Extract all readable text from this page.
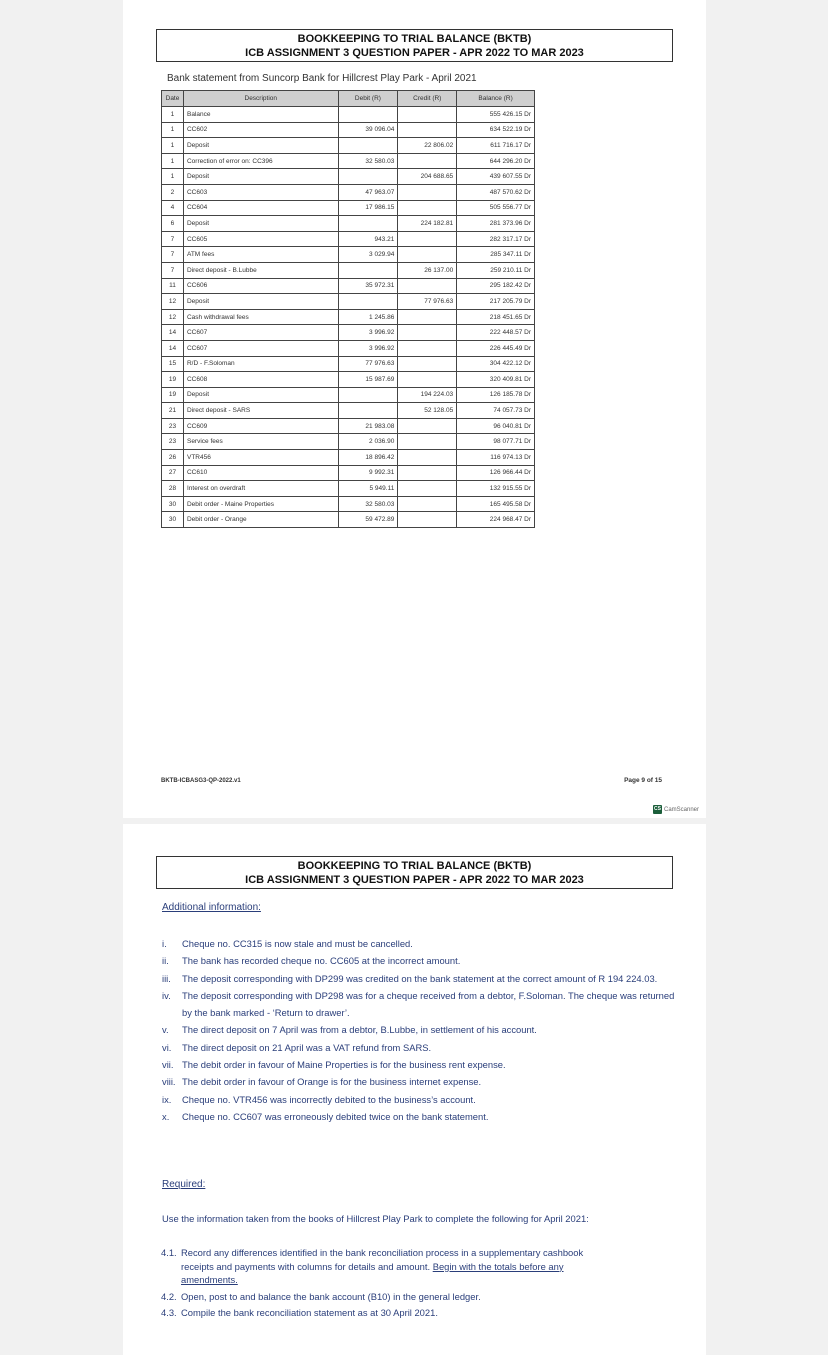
BOOKKEEPING TO TRIAL BALANCE (BKTB)
ICB ASSIGNMENT 3 QUESTION PAPER - APR 2022 TO MAR 2023
Bank statement from Suncorp Bank for Hillcrest Play Park - April 2021
Date	Description	Debit (R)	Credit (R)	Balance (R)
1	Balance			555 426.15 Dr
1	CC602	39 096.04		634 522.19 Dr
1	Deposit		22 806.02	611 716.17 Dr
1	Correction of error on: CC396	32 580.03		644 296.20 Dr
1	Deposit		204 688.65	439 607.55 Dr
2	CC603	47 963.07		487 570.62 Dr
4	CC604	17 986.15		505 556.77 Dr
6	Deposit		224 182.81	281 373.96 Dr
7	CC605	943.21		282 317.17 Dr
7	ATM fees	3 029.94		285 347.11 Dr
7	Direct deposit - B.Lubbe		26 137.00	259 210.11 Dr
11	CC606	35 972.31		295 182.42 Dr
12	Deposit		77 976.63	217 205.79 Dr
12	Cash withdrawal fees	1 245.86		218 451.65 Dr
14	CC607	3 996.92		222 448.57 Dr
14	CC607	3 996.92		226 445.49 Dr
15	R/D - F.Soloman	77 976.63		304 422.12 Dr
19	CC608	15 987.69		320 409.81 Dr
19	Deposit		194 224.03	126 185.78 Dr
21	Direct deposit - SARS		52 128.05	74 057.73 Dr
23	CC609	21 983.08		96 040.81 Dr
23	Service fees	2 036.90		98 077.71 Dr
26	VTR456	18 896.42		116 974.13 Dr
27	CC610	9 992.31		126 966.44 Dr
28	Interest on overdraft	5 949.11		132 915.55 Dr
30	Debit order - Maine Properties	32 580.03		165 495.58 Dr
30	Debit order - Orange	59 472.89		224 968.47 Dr
BKTB-ICBASG3-QP-2022.v1	Page 9 of 15
CS CamScanner
BOOKKEEPING TO TRIAL BALANCE (BKTB)
ICB ASSIGNMENT 3 QUESTION PAPER - APR 2022 TO MAR 2023
Additional information:
i. Cheque no. CC315 is now stale and must be cancelled.
ii. The bank has recorded cheque no. CC605 at the incorrect amount.
iii. The deposit corresponding with DP299 was credited on the bank statement at the correct amount of R 194 224.03.
iv. The deposit corresponding with DP298 was for a cheque received from a debtor, F.Soloman. The cheque was returned by the bank marked - ‘Return to drawer’.
v. The direct deposit on 7 April was from a debtor, B.Lubbe, in settlement of his account.
vi. The direct deposit on 21 April was a VAT refund from SARS.
vii. The debit order in favour of Maine Properties is for the business rent expense.
viii. The debit order in favour of Orange is for the business internet expense.
ix. Cheque no. VTR456 was incorrectly debited to the business’s account.
x. Cheque no. CC607 was erroneously debited twice on the bank statement.
Required:
Use the information taken from the books of Hillcrest Play Park to complete the following for April 2021:
4.1. Record any differences identified in the bank reconciliation process in a supplementary cashbook receipts and payments with columns for details and amount. Begin with the totals before any amendments.
4.2. Open, post to and balance the bank account (B10) in the general ledger.
4.3. Compile the bank reconciliation statement as at 30 April 2021.
